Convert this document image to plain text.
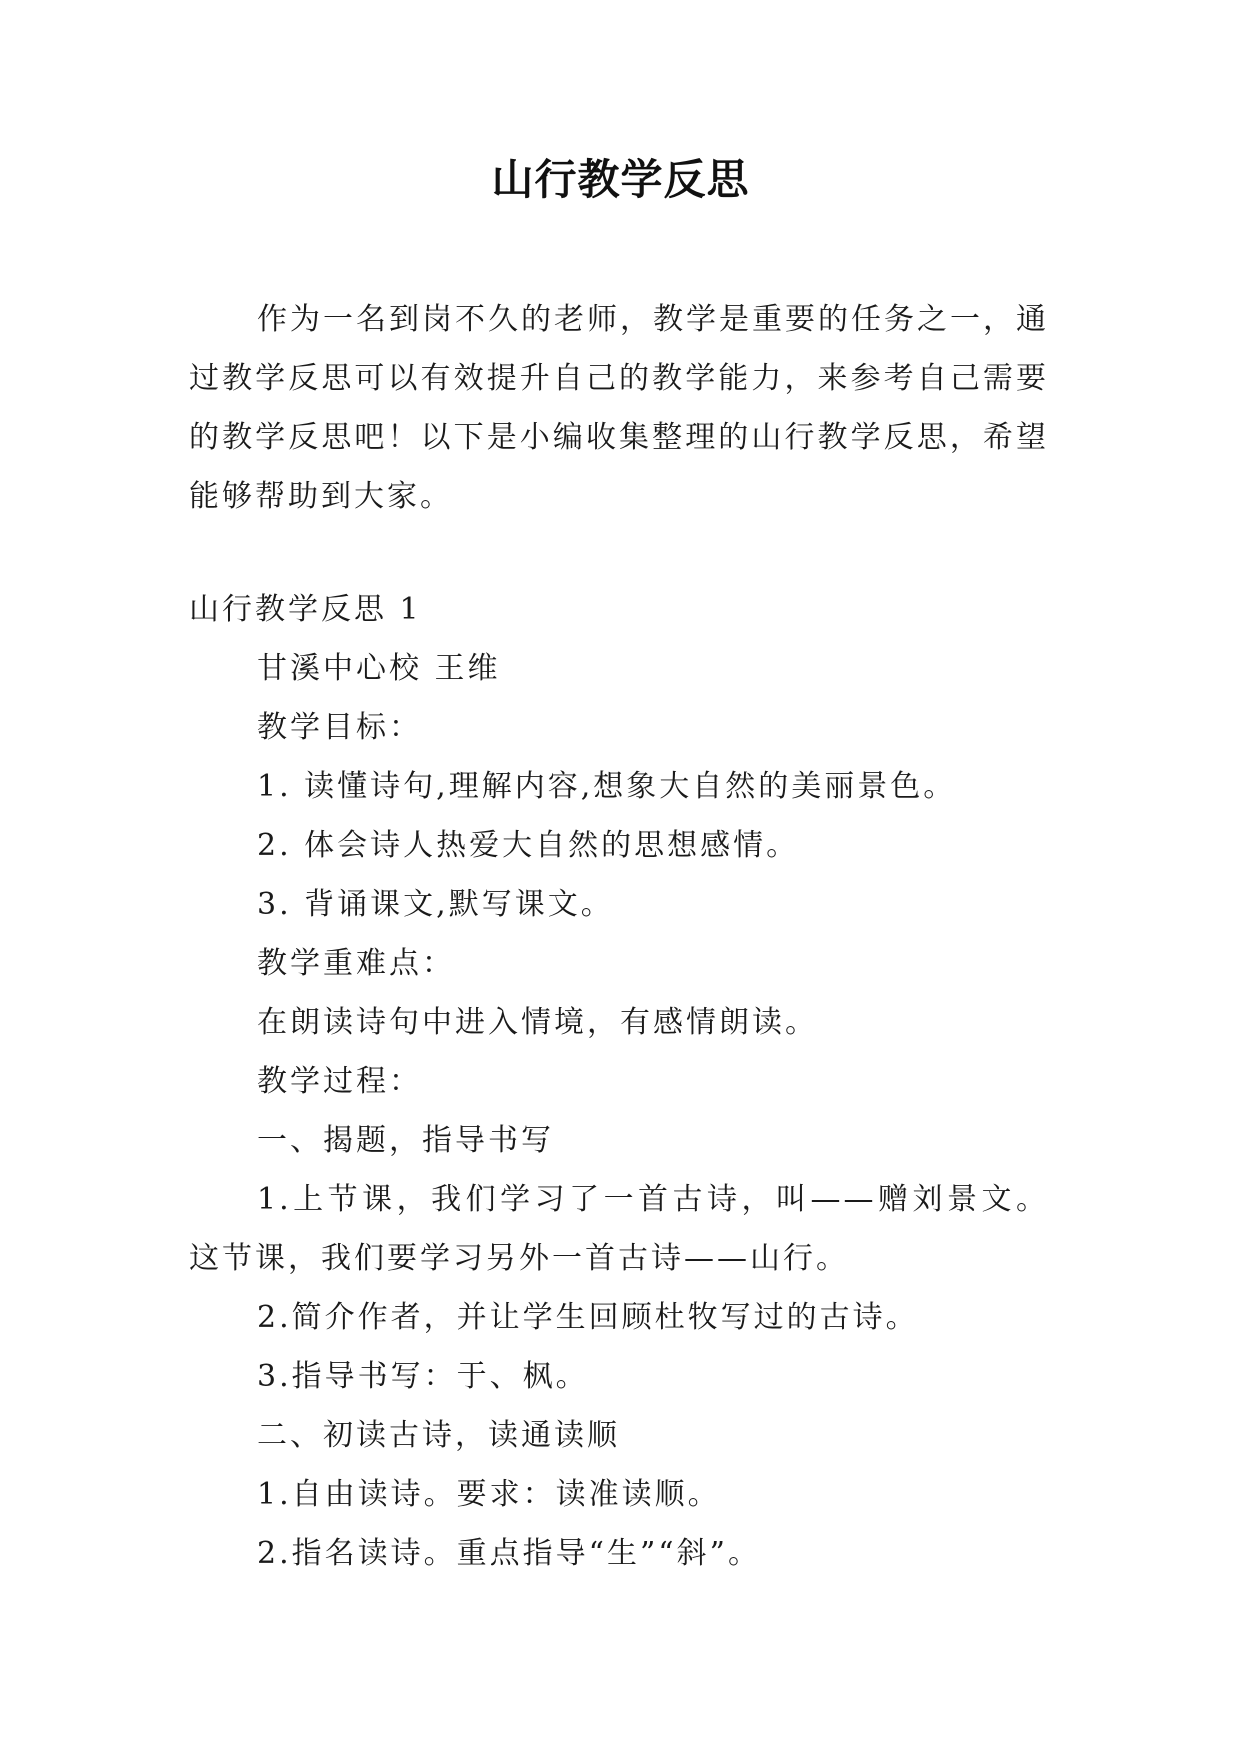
山行教学反思

作为一名到岗不久的老师，教学是重要的任务之一，通过教学反思可以有效提升自己的教学能力，来参考自己需要的教学反思吧！以下是小编收集整理的山行教学反思，希望能够帮助到大家。

山行教学反思 1
甘溪中心校 王维
教学目标：
1. 读懂诗句,理解内容,想象大自然的美丽景色。
2. 体会诗人热爱大自然的思想感情。
3. 背诵课文,默写课文。
教学重难点：
在朗读诗句中进入情境，有感情朗读。
教学过程：
一、揭题，指导书写
1.上节课，我们学习了一首古诗，叫——赠刘景文。这节课，我们要学习另外一首古诗——山行。
2.简介作者，并让学生回顾杜牧写过的古诗。
3.指导书写：于、枫。
二、初读古诗，读通读顺
1.自由读诗。要求：读准读顺。
2.指名读诗。重点指导“生”“斜”。
